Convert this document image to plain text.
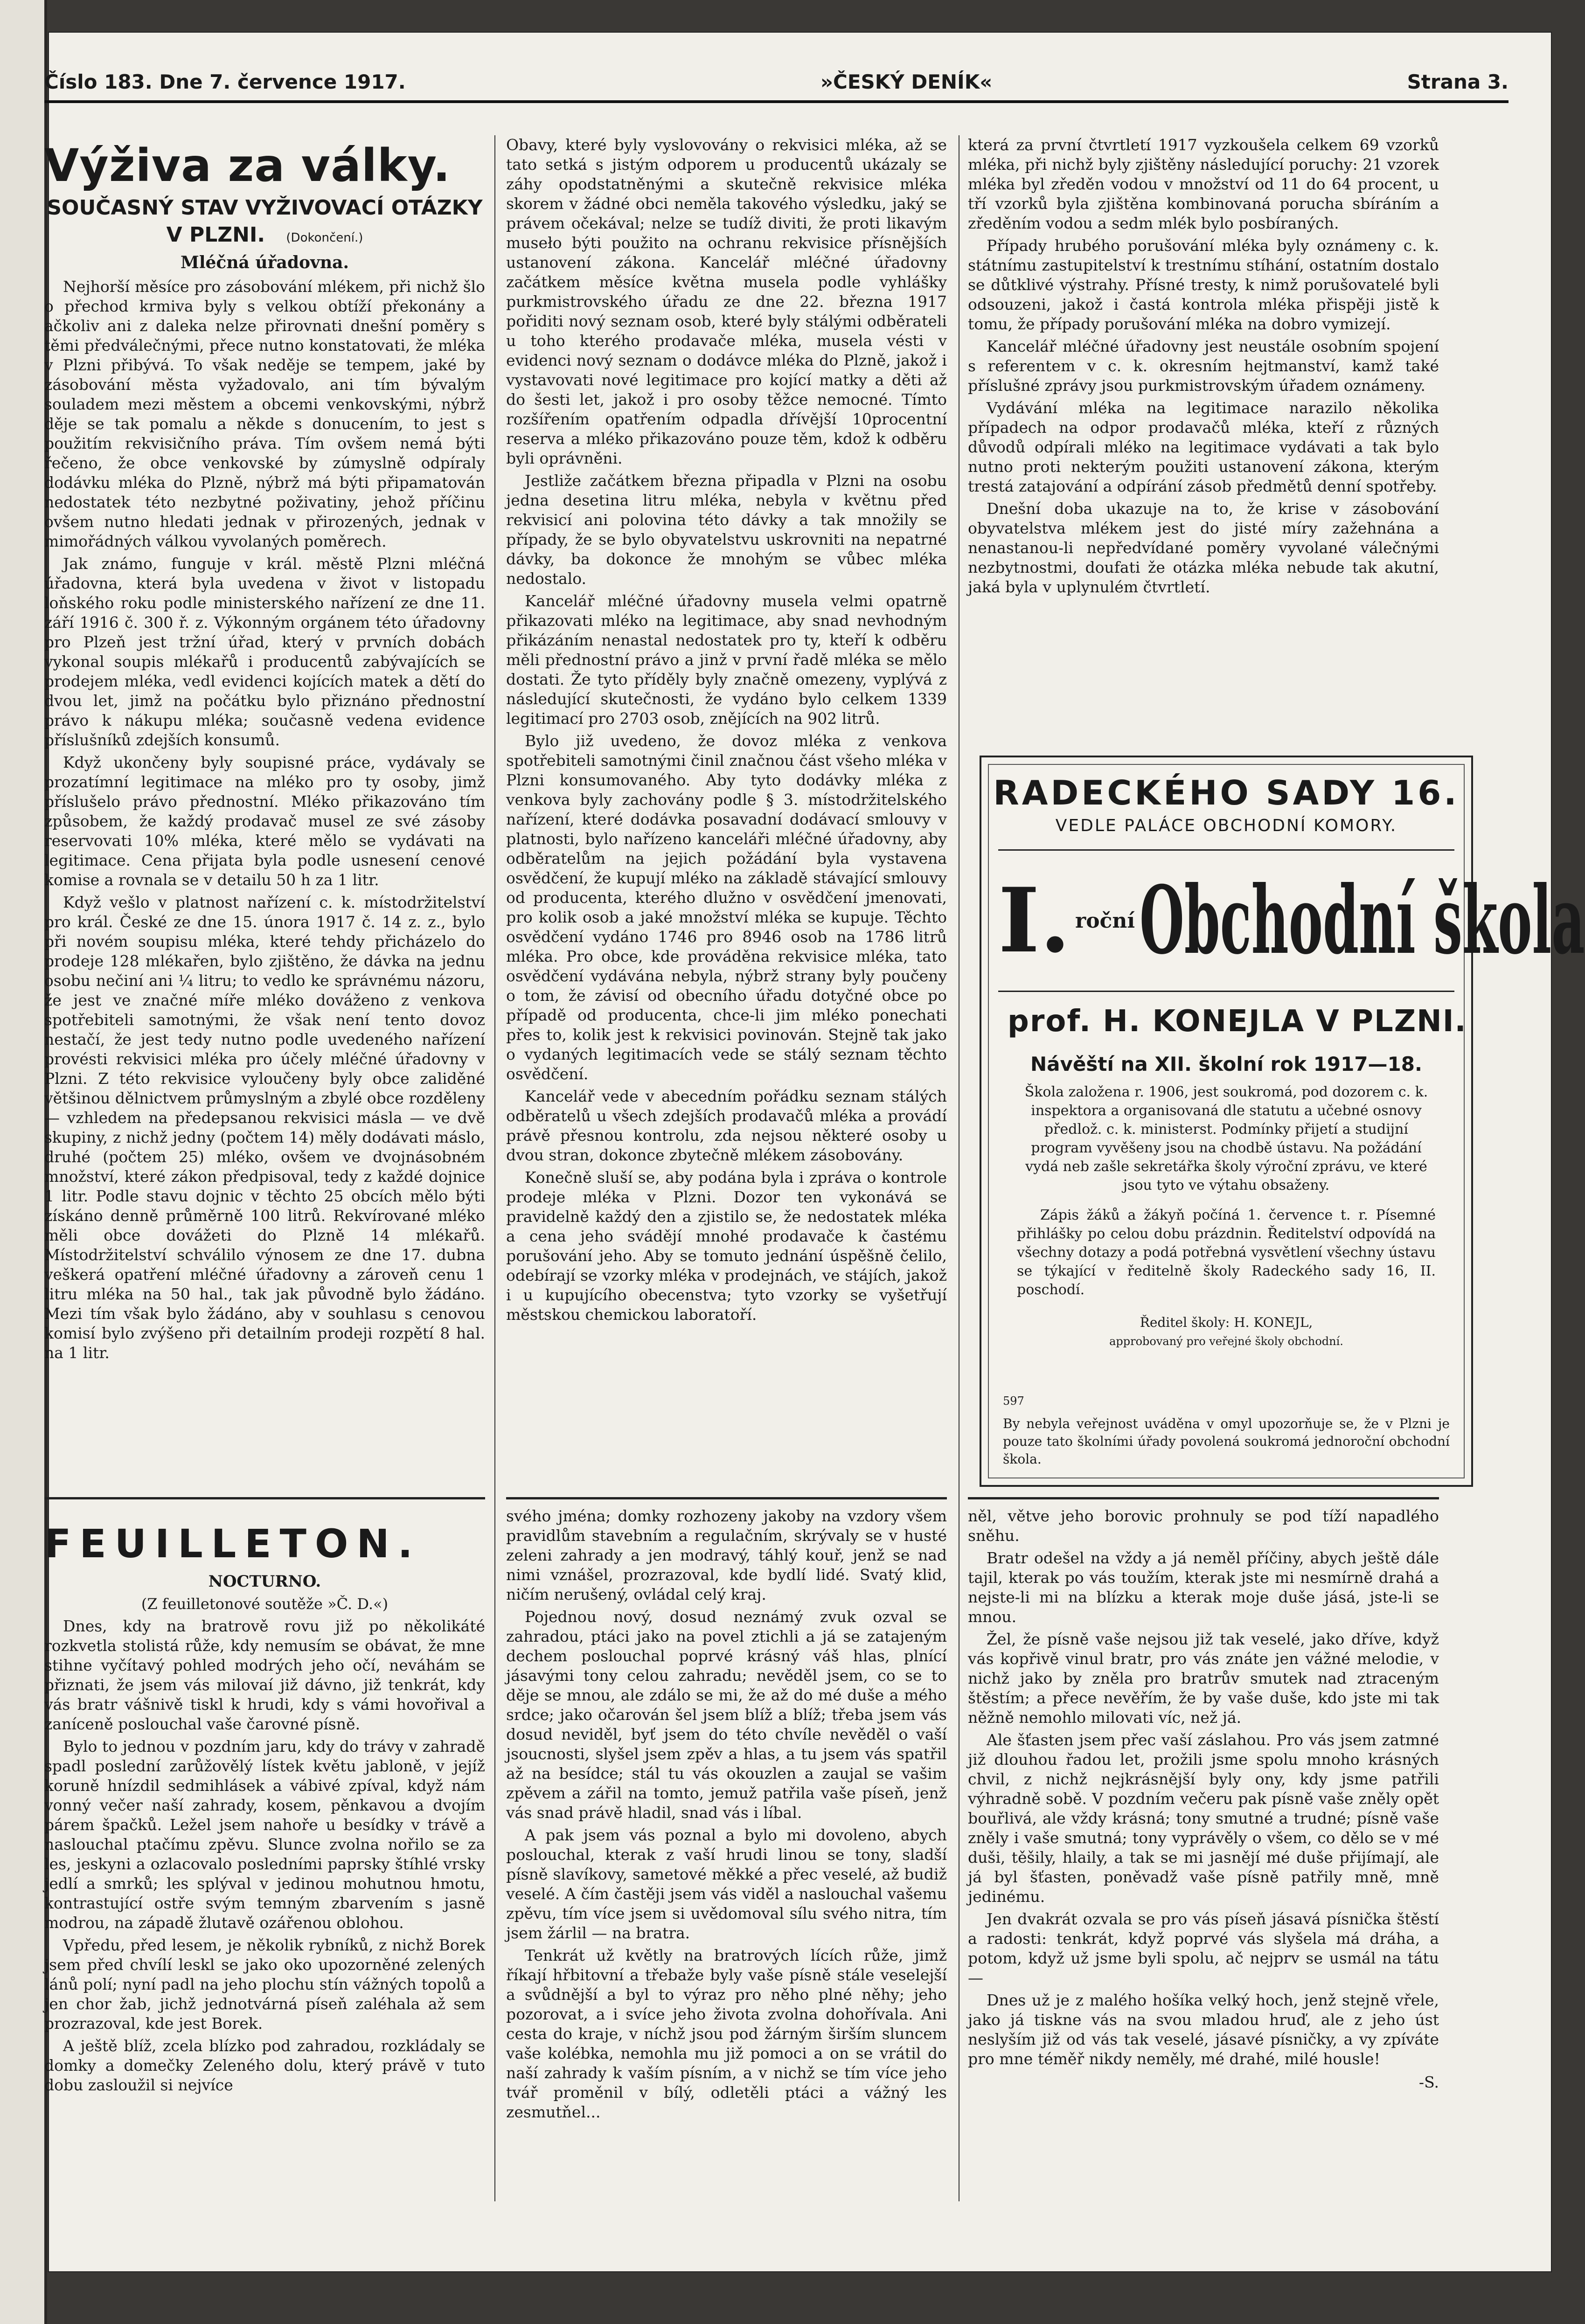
Číslo 183. Dne 7. července 1917.	»ČESKÝ DENÍK«	Strana 3.
Výživa za války.

SOUČASNÝ STAV VYŽIVOVACÍ OTÁZKY

V PLZNI. (Dokončení.)

Mléčná úřadovna.

Nejhorší měsíce pro zásobování mlékem, při nichž šlo o přechod krmiva byly s velkou obtíží překonány a ačkoliv ani z daleka nelze přirovnati dnešní poměry s těmi předválečnými, přece nutno konstatovati, že mléka v Plzni přibývá. To však neděje se tempem, jaké by zásobování města vyžadovalo, ani tím bývalým souladem mezi městem a obcemi venkovskými, nýbrž děje se tak pomalu a někde s donucením, to jest s použitím rekvisičního práva. Tím ovšem nemá býti řečeno, že obce venkovské by zúmyslně odpíraly dodávku mléka do Plzně, nýbrž má býti připamatován nedostatek této nezbytné poživatiny, jehož příčinu ovšem nutno hledati jednak v přirozených, jednak v mimořádných válkou vyvolaných poměrech.

Jak známo, funguje v král. městě Plzni mléčná úřadovna, která byla uvedena v život v listopadu loňského roku podle ministerského nařízení ze dne 11. září 1916 č. 300 ř. z. Výkonným orgánem této úřadovny pro Plzeň jest tržní úřad, který v prvních dobách vykonal soupis mlékařů i producentů zabývajících se prodejem mléka, vedl evidenci kojících matek a dětí do dvou let, jimž na počátku bylo přiznáno přednostní právo k nákupu mléka; současně vedena evidence příslušníků zdejších konsumů.

Když ukončeny byly soupisné práce, vydávaly se prozatímní legitimace na mléko pro ty osoby, jimž příslušelo právo přednostní. Mléko přikazováno tím způsobem, že každý prodavač musel ze své zásoby reservovati 10% mléka, které mělo se vydávati na legitimace. Cena přijata byla podle usnesení cenové komise a rovnala se v detailu 50 h za 1 litr.

Když vešlo v platnost nařízení c. k. místodržitelství pro král. České ze dne 15. února 1917 č. 14 z. z., bylo při novém soupisu mléka, které tehdy přicházelo do prodeje 128 mlékařen, bylo zjištěno, že dávka na jednu osobu nečiní ani ¼ litru; to vedlo ke správnému názoru, že jest ve značné míře mléko dováženo z venkova spotřebiteli samotnými, že však není tento dovoz nestačí, že jest tedy nutno podle uvedeného nařízení provésti rekvisici mléka pro účely mléčné úřadovny v Plzni. Z této rekvisice vyloučeny byly obce zaliděné většinou dělnictvem průmyslným a zbylé obce rozděleny — vzhledem na předepsanou rekvisici másla — ve dvě skupiny, z nichž jedny (počtem 14) měly dodávati máslo, druhé (počtem 25) mléko, ovšem ve dvojnásobném množství, které zákon předpisoval, tedy z každé dojnice 1 litr. Podle stavu dojnic v těchto 25 obcích mělo býti získáno denně průměrně 100 litrů. Rekvírované mléko měli obce dovážeti do Plzně 14 mlékařů. Místodržitelství schválilo výnosem ze dne 17. dubna veškerá opatření mléčné úřadovny a zároveň cenu 1 litru mléka na 50 hal., tak jak původně bylo žádáno. Mezi tím však bylo žádáno, aby v souhlasu s cenovou komisí bylo zvýšeno při detailním prodeji rozpětí 8 hal. na 1 litr.

Obavy, které byly vyslovovány o rekvisici mléka, až se tato setká s jistým odporem u producentů ukázaly se záhy opodstatněnými a skutečně rekvisice mléka skorem v žádné obci neměla takového výsledku, jaký se právem očekával; nelze se tudíž diviti, že proti likavým museło býti použito na ochranu rekvisice přísnějších ustanovení zákona. Kancelář mléčné úřadovny začátkem měsíce května musela podle vyhlášky purkmistrovského úřadu ze dne 22. března 1917 pořiditi nový seznam osob, které byly stálými odběrateli u toho kterého prodavače mléka, musela vésti v evidenci nový seznam o dodávce mléka do Plzně, jakož i vystavovati nové legitimace pro kojící matky a děti až do šesti let, jakož i pro osoby těžce nemocné. Tímto rozšířením opatřením odpadla dřívější 10procentní reserva a mléko přikazováno pouze těm, kdož k odběru byli oprávněni.

Jestliže začátkem března připadla v Plzni na osobu jedna desetina litru mléka, nebyla v květnu před rekvisicí ani polovina této dávky a tak množily se případy, že se bylo obyvatelstvu uskrovniti na nepatrné dávky, ba dokonce že mnohým se vůbec mléka nedostalo.

Kancelář mléčné úřadovny musela velmi opatrně přikazovati mléko na legitimace, aby snad nevhodným přikázáním nenastal nedostatek pro ty, kteří k odběru měli přednostní právo a jinž v první řadě mléka se mělo dostati. Že tyto příděly byly značně omezeny, vyplývá z následující skutečnosti, že vydáno bylo celkem 1339 legitimací pro 2703 osob, znějících na 902 litrů.

Bylo již uvedeno, že dovoz mléka z venkova spotřebiteli samotnými činil značnou část všeho mléka v Plzni konsumovaného. Aby tyto dodávky mléka z venkova byly zachovány podle § 3. místodržitelského nařízení, které dodávka posavadní dodávací smlouvy v platnosti, bylo nařízeno kanceláři mléčné úřadovny, aby odběratelům na jejich požádání byla vystavena osvědčení, že kupují mléko na základě stávající smlouvy od producenta, kterého dlužno v osvědčení jmenovati, pro kolik osob a jaké množství mléka se kupuje. Těchto osvědčení vydáno 1746 pro 8946 osob na 1786 litrů mléka. Pro obce, kde prováděna rekvisice mléka, tato osvědčení vydávána nebyla, nýbrž strany byly poučeny o tom, že závisí od obecního úřadu dotyčné obce po případě od producenta, chce-li jim mléko ponechati přes to, kolik jest k rekvisici povinován. Stejně tak jako o vydaných legitimacích vede se stálý seznam těchto osvědčení.

Kancelář vede v abecedním pořádku seznam stálých odběratelů u všech zdejších prodavačů mléka a provádí právě přesnou kontrolu, zda nejsou některé osoby u dvou stran, dokonce zbytečně mlékem zásobovány.

Konečně sluší se, aby podána byla i zpráva o kontrole prodeje mléka v Plzni. Dozor ten vykonává se pravidelně každý den a zjistilo se, že nedostatek mléka a cena jeho svádějí mnohé prodavače k častému porušování jeho. Aby se tomuto jednání úspěšně čelilo, odebírají se vzorky mléka v prodejnách, ve stájích, jakož i u kupujícího obecenstva; tyto vzorky se vyšetřují městskou chemickou laboratoří.

která za první čtvrtletí 1917 vyzkoušela celkem 69 vzorků mléka, při nichž byly zjištěny následující poruchy: 21 vzorek mléka byl zředěn vodou v množství od 11 do 64 procent, u tří vzorků byla zjištěna kombinovaná porucha sbíráním a zředěním vodou a sedm mlék bylo posbíraných.

Případy hrubého porušování mléka byly oznámeny c. k. státnímu zastupitelství k trestnímu stíhání, ostatním dostalo se důtklivé výstrahy. Přísné tresty, k nimž porušovatelé byli odsouzeni, jakož i častá kontrola mléka přispěji jistě k tomu, že případy porušování mléka na dobro vymizejí.

Kancelář mléčné úřadovny jest neustále osobním spojení s referentem v c. k. okresním hejtmanství, kamž také příslušné zprávy jsou purkmistrovským úřadem oznámeny.

Vydávání mléka na legitimace narazilo několika případech na odpor prodavačů mléka, kteří z různých důvodů odpírali mléko na legitimace vydávati a tak bylo nutno proti nekterým použiti ustanovení zákona, kterým trestá zatajování a odpírání zásob předmětů denní spotřeby.

Dnešní doba ukazuje na to, že krise v zásobování obyvatelstva mlékem jest do jisté míry zažehnána a nenastanou-li nepředvídané poměry vyvolané válečnými nezbytnostmi, doufati že otázka mléka nebude tak akutní, jaká byla v uplynulém čtvrtletí.

RADECKÉHO SADY 16.
VEDLE PALÁCE OBCHODNÍ KOMORY.
I. roční Obchodní škola
prof. H. KONEJLA V PLZNI.
Návěští na XII. školní rok 1917—18.
Škola založena r. 1906, jest soukromá, pod dozorem c. k. inspektora a organisovaná dle statutu a učebné osnovy předlož. c. k. ministerst. Podmínky přijetí a studijní program vyvěšeny jsou na chodbě ústavu. Na požádání vydá neb zašle sekretářka školy výroční zprávu, ve které jsou tyto ve výtahu obsaženy.
Zápis žáků a žákyň počíná 1. července t. r. Písemné přihlášky po celou dobu prázdnin. Ředitelství odpovídá na všechny dotazy a podá potřebná vysvětlení všechny ústavu se týkající v ředitelně školy Radeckého sady 16, II. poschodí.
Ředitel školy: H. KONEJL,
approbovaný pro veřejné školy obchodní.
597
By nebyla veřejnost uváděna v omyl upozorňuje se, že v Plzni je pouze tato školními úřady povolená soukromá jednoroční obchodní škola.
FEUILLETON.

NOCTURNO.

(Z feuilletonové soutěže »Č. D.«)

Dnes, kdy na bratrově rovu již po několikáté rozkvetla stolistá růže, kdy nemusím se obávat, že mne stihne vyčítavý pohled modrých jeho očí, neváhám se přiznati, že jsem vás milovaí již dávno, již tenkrát, kdy vás bratr vášnivě tiskl k hrudi, kdy s vámi hovořival a zaníceně poslouchal vaše čarovné písně.

Bylo to jednou v pozdním jaru, kdy do trávy v zahradě spadl poslední zarůžovělý lístek květu jabloně, v jejíž koruně hnízdil sedmihlásek a vábivé zpíval, když nám vonný večer naší zahrady, kosem, pěnkavou a dvojím párem špačků. Ležel jsem nahoře u besídky v trávě a naslouchal ptačímu zpěvu. Slunce zvolna nořilo se za les, jeskyni a ozlacovalo posledními paprsky štíhlé vrsky jedlí a smrků; les splýval v jedinou mohutnou hmotu, kontrastující ostře svým temným zbarvením s jasně modrou, na západě žlutavě ozářenou oblohou.

Vpředu, před lesem, je několik rybníků, z nichž Borek jsem před chvílí leskl se jako oko upozorněné zelených lánů polí; nyní padl na jeho plochu stín vážných topolů a jen chor žab, jichž jednotvárná píseň zaléhala až sem prozrazoval, kde jest Borek.

A ještě blíž, zcela blízko pod zahradou, rozkládaly se domky a domečky Zeleného dolu, který právě v tuto dobu zasloužil si nejvíce

svého jména; domky rozhozeny jakoby na vzdory všem pravidlům stavebním a regulačním, skrývaly se v husté zeleni zahrady a jen modravý, táhlý kouř, jenž se nad nimi vznášel, prozrazoval, kde bydlí lidé. Svatý klid, ničím nerušený, ovládal celý kraj.

Pojednou nový, dosud neznámý zvuk ozval se zahradou, ptáci jako na povel ztichli a já se zatajeným dechem poslouchal poprvé krásný váš hlas, plnící jásavými tony celou zahradu; nevěděl jsem, co se to děje se mnou, ale zdálo se mi, že až do mé duše a mého srdce; jako očarován šel jsem blíž a blíž; třeba jsem vás dosud neviděl, byť jsem do této chvíle nevěděl o vaší jsoucnosti, slyšel jsem zpěv a hlas, a tu jsem vás spatřil až na besídce; stál tu vás okouzlen a zaujal se vašim zpěvem a zářil na tomto, jemuž patřila vaše píseň, jenž vás snad právě hladil, snad vás i líbal.

A pak jsem vás poznal a bylo mi dovoleno, abych poslouchal, kterak z vaší hrudi linou se tony, sladší písně slavíkovy, sametové měkké a přec veselé, až budiž veselé. A čím častěji jsem vás viděl a naslouchal vašemu zpěvu, tím více jsem si uvědomoval sílu svého nitra, tím jsem žárlil — na bratra.

Tenkrát už květly na bratrových lících růže, jimž říkají hřbitovní a třebaže byly vaše písně stále veselejší a svůdnější a byl to výraz pro něho plné něhy; jeho pozorovat, a i svíce jeho života zvolna dohořívala. Ani cesta do kraje, v níchž jsou pod žárným širším sluncem vaše kolébka, nemohla mu již pomoci a on se vrátil do naší zahrady k vaším písním, a v nichž se tím více jeho tvář proměnil v bílý, odletěli ptáci a vážný les zesmutňel...

něl, větve jeho borovic prohnuly se pod tíží napadlého sněhu.

Bratr odešel na vždy a já neměl příčiny, abych ještě dále tajil, kterak po vás toužím, kterak jste mi nesmírně drahá a nejste-li mi na blízku a kterak moje duše jásá, jste-li se mnou.

Žel, že písně vaše nejsou již tak veselé, jako dříve, když vás kopřivě vinul bratr, pro vás znáte jen vážné melodie, v nichž jako by zněla pro bratrův smutek nad ztraceným štěstím; a přece nevěřím, že by vaše duše, kdo jste mi tak něžně nemohlo milovati víc, než já.

Ale šťasten jsem přec vaší záslahou. Pro vás jsem zatmné již dlouhou řadou let, prožili jsme spolu mnoho krásných chvil, z nichž nejkrásnější byly ony, kdy jsme patřili výhradně sobě. V pozdním večeru pak písně vaše zněly opět bouřlivá, ale vždy krásná; tony smutné a trudné; písně vaše zněly i vaše smutná; tony vyprávěly o všem, co dělo se v mé duši, těšily, hlaily, a tak se mi jasnějí mé duše přijímají, ale já byl šťasten, poněvadž vaše písně patřily mně, mně jedinému.

Jen dvakrát ozvala se pro vás píseň jásavá písnička štěstí a radosti: tenkrát, když poprvé vás slyšela má dráha, a potom, když už jsme byli spolu, ač nejprv se usmál na tátu —

Dnes už je z malého hošíka velký hoch, jenž stejně vřele, jako já tiskne vás na svou mladou hruď, ale z jeho úst neslyším již od vás tak veselé, jásavé písničky, a vy zpíváte pro mne téměř nikdy neměly, mé drahé, milé housle!

-S.
